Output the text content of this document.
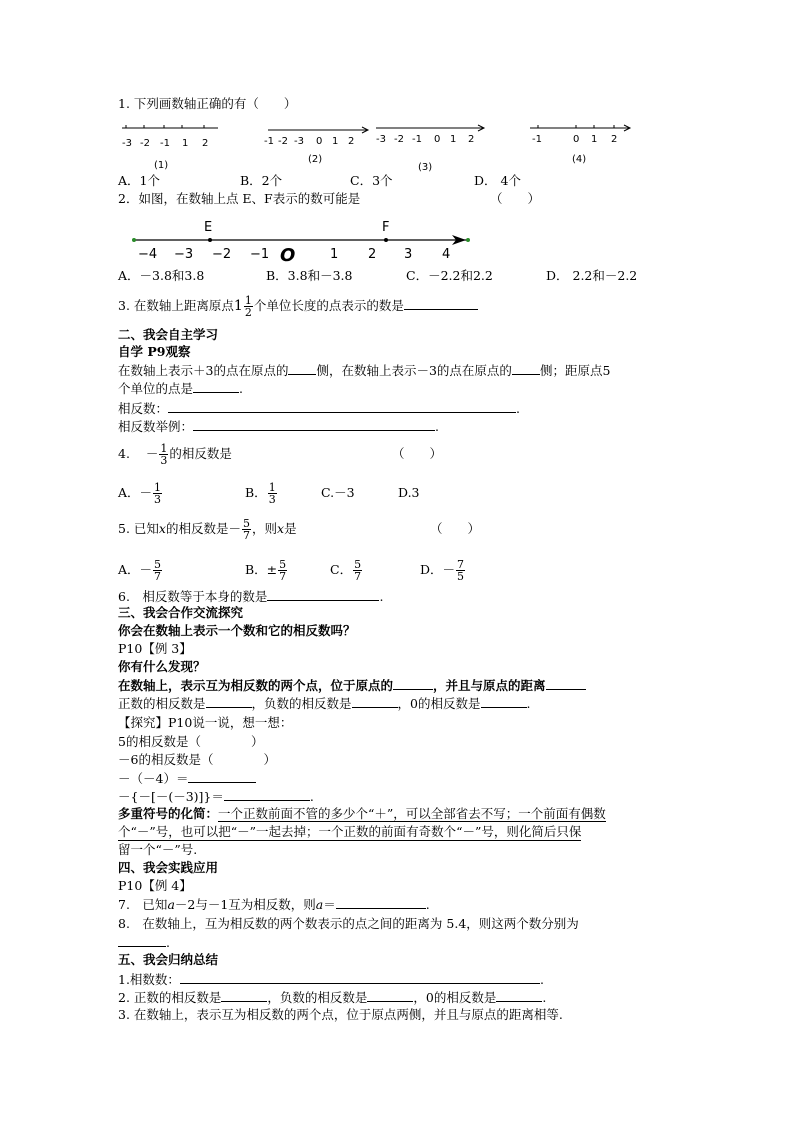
1. 下列画数轴正确的有（　　）
-3 -2 -1 1 2
(1)
-1 -2 -3 0 1 2
(2)
-3 -2 -1 0 1 2
(3)
-1	0 1 2
(4)
A．1个	B．2个	C．3个	D． 4个
2．如图，在数轴上点 E、F表示的数可能是	（　　）
E	F
−4 −3 −2 −1 O	1 2 3 4
A．－3.8和3.8	B．3.8和－3.8	C．－2.2和2.2	D． 2.2和－2.2
3. 在数轴上距离原点$1 \frac{1}{2}$ 个单位长度的点表示的数是
二、我会自主学习
自学 P9观察
在数轴上表示＋3的点在原点的 侧，在数轴上表示－3的点在原点的 侧；距原点5
个单位的点是	.
相反数：	.
相反数举例：	.
4. － $\frac{1}{3}$ 的相反数是	（　　）
A．－ $\frac{1}{3}$	B． $\frac{1}{3}$	C.－3	D.3
5. 已知x的相反数是－ $\frac{5}{7}$ ，则x是	（　　）
A．－ $\frac{5}{7}$	B．± $\frac{5}{7}$	C． $\frac{5}{7}$	D．－ $\frac{7}{5}$
6.　相反数等于本身的数是	.
三、我会合作交流探究
你会在数轴上表示一个数和它的相反数吗？
P10【例 3】
你有什么发现？
在数轴上，表示互为相反数的两个点，位于原点的	，并且与原点的距离
正数的相反数是	，负数的相反数是	，0的相反数是	.
【探究】P10说一说，想一想：
5的相反数是（　　　　）
－6的相反数是（　　　　）
－（－4）＝
－{－[－(－3)]}＝	.
多重符号的化简：一个正数前面不管的多少个“＋”，可以全部省去不写；一个前面有偶数
个“－”号，也可以把“－”一起去掉；一个正数的前面有奇数个“－”号，则化简后只保
留一个“－”号.
四、我会实践应用
P10【例 4】
7.　已知a－2与－1互为相反数，则a＝	.
8.　在数轴上，互为相反数的两个数表示的点之间的距离为 5.4，则这两个数分别为
.
五、我会归纳总结
1.相数数：	.
2. 正数的相反数是	，负数的相反数是	，0的相反数是	.
3. 在数轴上，表示互为相反数的两个点，位于原点两侧，并且与原点的距离相等.
